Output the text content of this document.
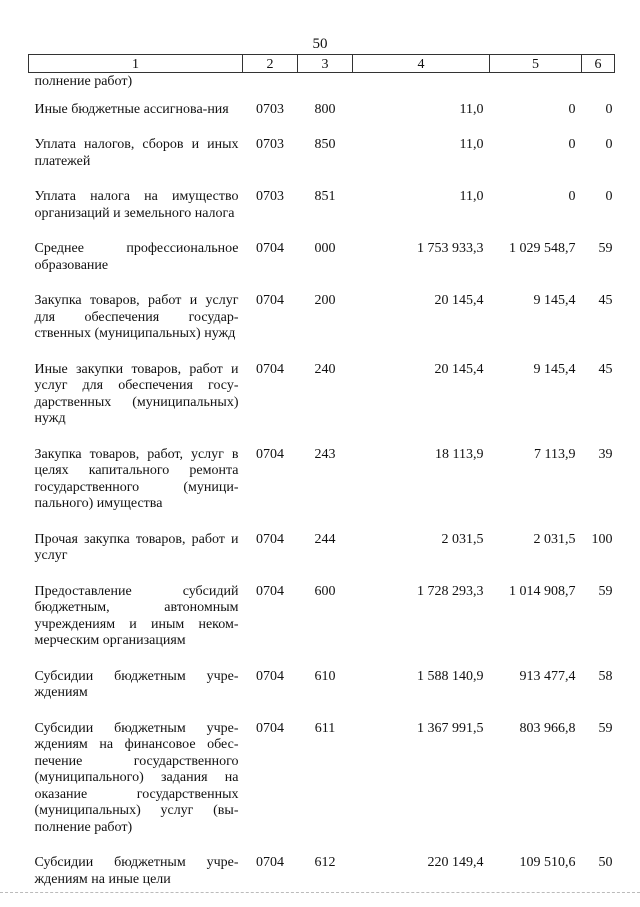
50
1	2	3	4	5	6
полнение работ)					
Иные бюджетные ассигнова-ния	0703	800	11,0	0	0
Уплата налогов, сборов и иных платежей	0703	850	11,0	0	0
Уплата налога на имущество организаций и земельного налога	0703	851	11,0	0	0
Среднее профессиональное образование	0704	000	1 753 933,3	1 029 548,7	59
Закупка товаров, работ и услуг для обеспечения государ-ственных (муниципальных) нужд	0704	200	20 145,4	9 145,4	45
Иные закупки товаров, работ и услуг для обеспечения госу-дарственных (муниципальных) нужд	0704	240	20 145,4	9 145,4	45
Закупка товаров, работ, услуг в целях капитального ремонта государственного (муници-пального) имущества	0704	243	18 113,9	7 113,9	39
Прочая закупка товаров, работ и услуг	0704	244	2 031,5	2 031,5	100
Предоставление субсидий бюджетным, автономным учреждениям и иным неком-мерческим организациям	0704	600	1 728 293,3	1 014 908,7	59
Субсидии бюджетным учре-ждениям	0704	610	1 588 140,9	913 477,4	58
Субсидии бюджетным учре-ждениям на финансовое обес-печение государственного (муниципального) задания на оказание государственных (муниципальных) услуг (вы-полнение работ)	0704	611	1 367 991,5	803 966,8	59
Субсидии бюджетным учре-ждениям на иные цели	0704	612	220 149,4	109 510,6	50
